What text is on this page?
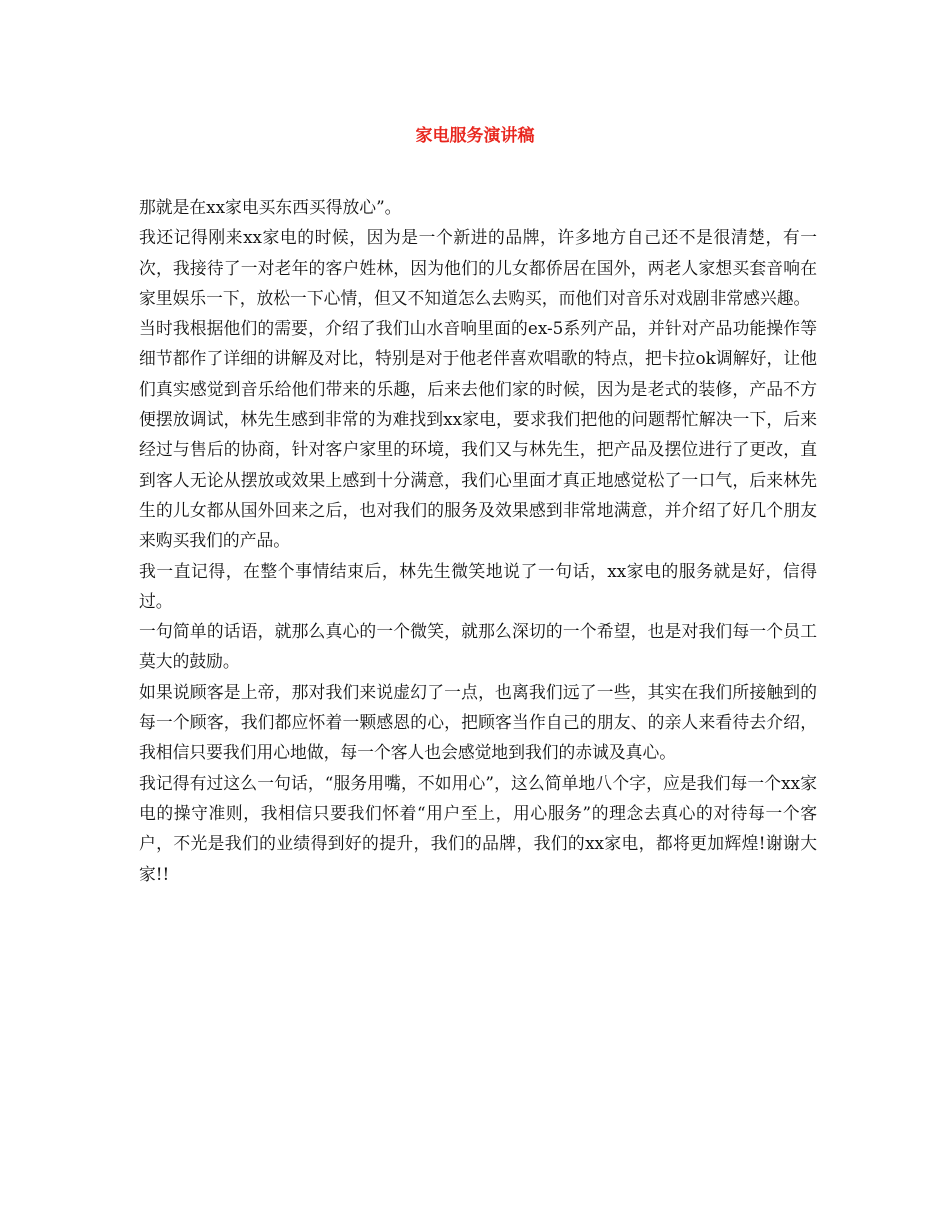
家电服务演讲稿

那就是在xx家电买东西买得放心”。

我还记得刚来xx家电的时候，因为是一个新进的品牌，许多地方自己还不是很清楚，有一次，我接待了一对老年的客户姓林，因为他们的儿女都侨居在国外，两老人家想买套音响在家里娱乐一下，放松一下心情，但又不知道怎么去购买，而他们对音乐对戏剧非常感兴趣。

当时我根据他们的需要，介绍了我们山水音响里面的ex-5系列产品，并针对产品功能操作等细节都作了详细的讲解及对比，特别是对于他老伴喜欢唱歌的特点，把卡拉ok调解好，让他们真实感觉到音乐给他们带来的乐趣，后来去他们家的时候，因为是老式的装修，产品不方便摆放调试，林先生感到非常的为难找到xx家电，要求我们把他的问题帮忙解决一下，后来经过与售后的协商，针对客户家里的环境，我们又与林先生，把产品及摆位进行了更改，直到客人无论从摆放或效果上感到十分满意，我们心里面才真正地感觉松了一口气，后来林先生的儿女都从国外回来之后，也对我们的服务及效果感到非常地满意，并介绍了好几个朋友来购买我们的产品。

我一直记得，在整个事情结束后，林先生微笑地说了一句话，xx家电的服务就是好，信得过。

一句简单的话语，就那么真心的一个微笑，就那么深切的一个希望，也是对我们每一个员工莫大的鼓励。

如果说顾客是上帝，那对我们来说虚幻了一点，也离我们远了一些，其实在我们所接触到的每一个顾客，我们都应怀着一颗感恩的心，把顾客当作自己的朋友、的亲人来看待去介绍，我相信只要我们用心地做，每一个客人也会感觉地到我们的赤诚及真心。

我记得有过这么一句话，“服务用嘴，不如用心”，这么简单地八个字，应是我们每一个xx家电的操守准则，我相信只要我们怀着“用户至上，用心服务”的理念去真心的对待每一个客户，不光是我们的业绩得到好的提升，我们的品牌，我们的xx家电，都将更加辉煌!谢谢大家!!
